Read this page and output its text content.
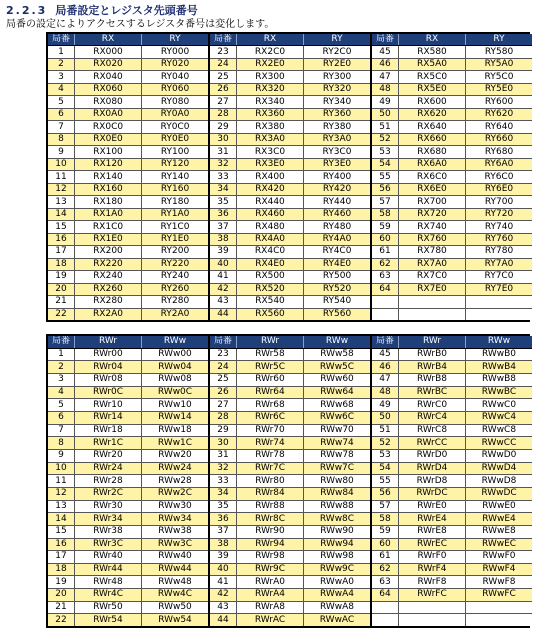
2.2.3 局番設定とレジスタ先頭番号
局番の設定によりアクセスするレジスタ番号は変化します。
局番	RX	RY
1	RX000	RY000
2	RX020	RY020
3	RX040	RY040
4	RX060	RY060
5	RX080	RY080
6	RX0A0	RY0A0
7	RX0C0	RY0C0
8	RX0E0	RY0E0
9	RX100	RY100
10	RX120	RY120
11	RX140	RY140
12	RX160	RY160
13	RX180	RY180
14	RX1A0	RY1A0
15	RX1C0	RY1C0
16	RX1E0	RY1E0
17	RX200	RY200
18	RX220	RY220
19	RX240	RY240
20	RX260	RY260
21	RX280	RY280
22	RX2A0	RY2A0
局番	RX	RY
23	RX2C0	RY2C0
24	RX2E0	RY2E0
25	RX300	RY300
26	RX320	RY320
27	RX340	RY340
28	RX360	RY360
29	RX380	RY380
30	RX3A0	RY3A0
31	RX3C0	RY3C0
32	RX3E0	RY3E0
33	RX400	RY400
34	RX420	RY420
35	RX440	RY440
36	RX460	RY460
37	RX480	RY480
38	RX4A0	RY4A0
39	RX4C0	RY4C0
40	RX4E0	RY4E0
41	RX500	RY500
42	RX520	RY520
43	RX540	RY540
44	RX560	RY560
局番	RX	RY
45	RX580	RY580
46	RX5A0	RY5A0
47	RX5C0	RY5C0
48	RX5E0	RY5E0
49	RX600	RY600
50	RX620	RY620
51	RX640	RY640
52	RX660	RY660
53	RX680	RY680
54	RX6A0	RY6A0
55	RX6C0	RY6C0
56	RX6E0	RY6E0
57	RX700	RY700
58	RX720	RY720
59	RX740	RY740
60	RX760	RY760
61	RX780	RY780
62	RX7A0	RY7A0
63	RX7C0	RY7C0
64	RX7E0	RY7E0
局番	RWr	RWw
1	RWr00	RWw00
2	RWr04	RWw04
3	RWr08	RWw08
4	RWr0C	RWw0C
5	RWr10	RWw10
6	RWr14	RWw14
7	RWr18	RWw18
8	RWr1C	RWw1C
9	RWr20	RWw20
10	RWr24	RWw24
11	RWr28	RWw28
12	RWr2C	RWw2C
13	RWr30	RWw30
14	RWr34	RWw34
15	RWr38	RWw38
16	RWr3C	RWw3C
17	RWr40	RWw40
18	RWr44	RWw44
19	RWr48	RWw48
20	RWr4C	RWw4C
21	RWr50	RWw50
22	RWr54	RWw54
局番	RWr	RWw
23	RWr58	RWw58
24	RWr5C	RWw5C
25	RWr60	RWw60
26	RWr64	RWw64
27	RWr68	RWw68
28	RWr6C	RWw6C
29	RWr70	RWw70
30	RWr74	RWw74
31	RWr78	RWw78
32	RWr7C	RWw7C
33	RWr80	RWw80
34	RWr84	RWw84
35	RWr88	RWw88
36	RWr8C	RWw8C
37	RWr90	RWw90
38	RWr94	RWw94
39	RWr98	RWw98
40	RWr9C	RWw9C
41	RWrA0	RWwA0
42	RWrA4	RWwA4
43	RWrA8	RWwA8
44	RWrAC	RWwAC
局番	RWr	RWw
45	RWrB0	RWwB0
46	RWrB4	RWwB4
47	RWrB8	RWwB8
48	RWrBC	RWwBC
49	RWrC0	RWwC0
50	RWrC4	RWwC4
51	RWrC8	RWwC8
52	RWrCC	RWwCC
53	RWrD0	RWwD0
54	RWrD4	RWwD4
55	RWrD8	RWwD8
56	RWrDC	RWwDC
57	RWrE0	RWwE0
58	RWrE4	RWwE4
59	RWrE8	RWwE8
60	RWrEC	RWwEC
61	RWrF0	RWwF0
62	RWrF4	RWwF4
63	RWrF8	RWwF8
64	RWrFC	RWwFC
